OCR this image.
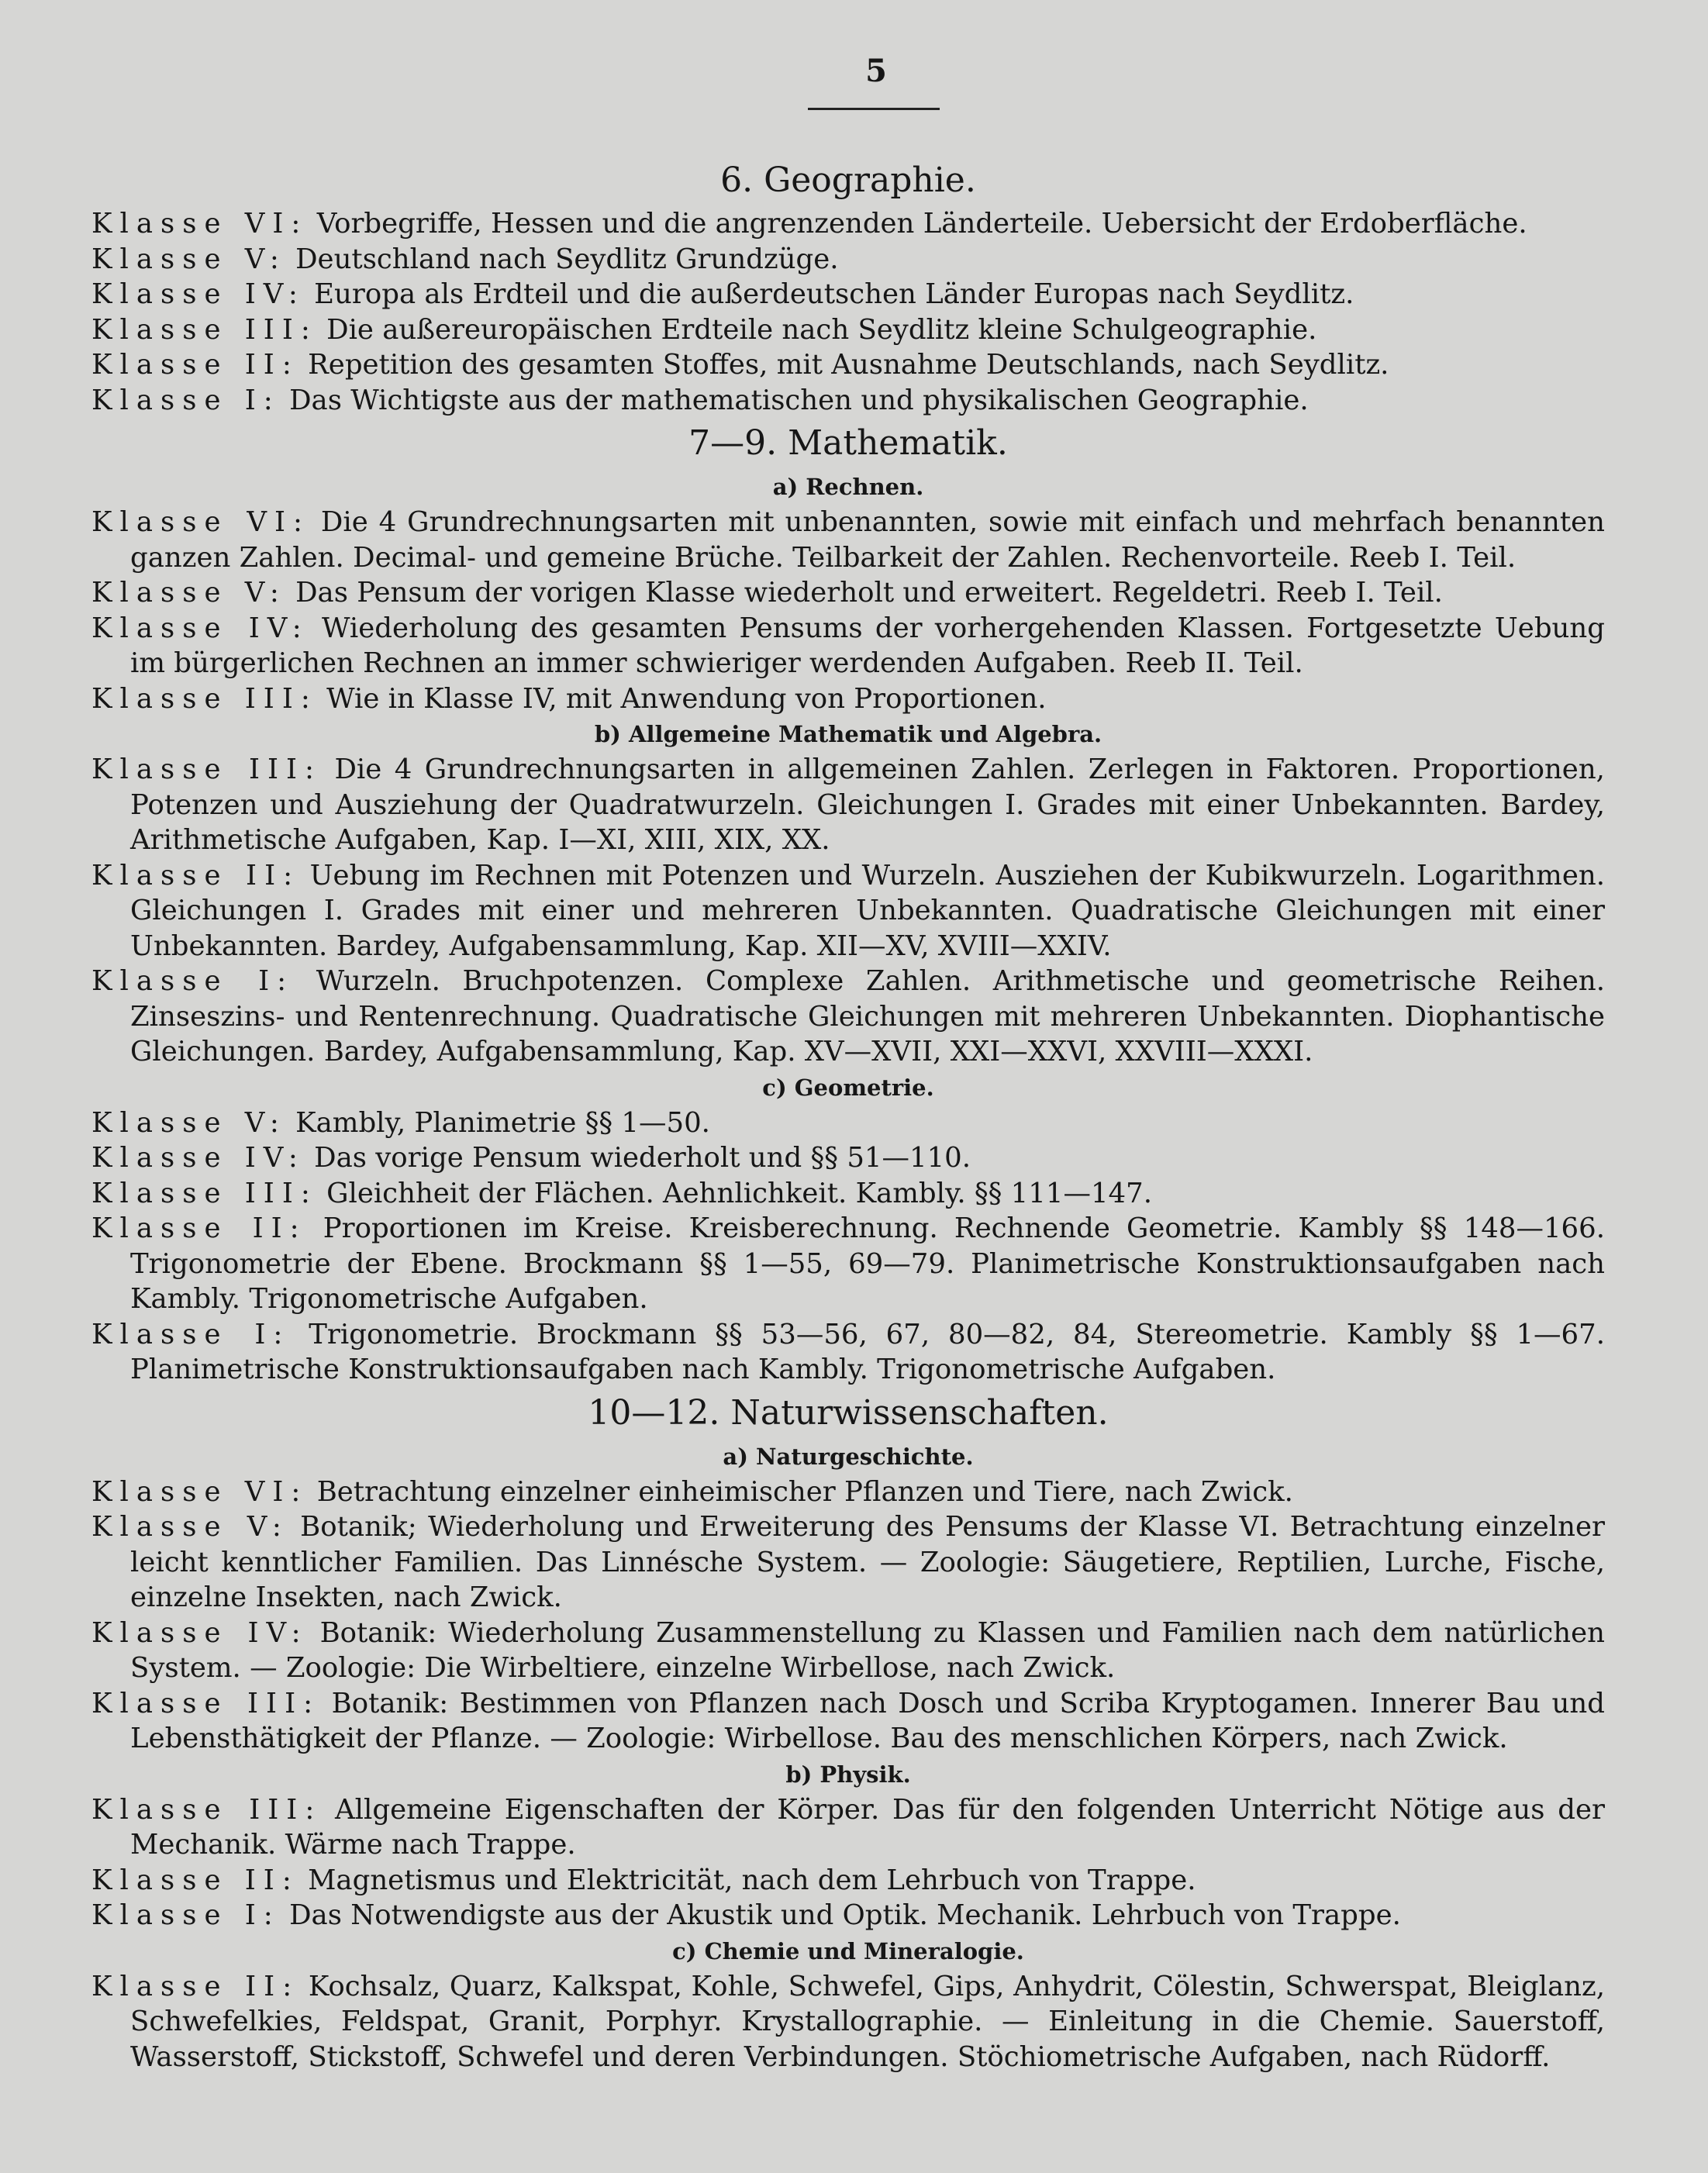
5
6. Geographie.
Klasse VI: Vorbegriffe, Hessen und die angrenzenden Länderteile. Uebersicht der Erdoberfläche.
Klasse V: Deutschland nach Seydlitz Grundzüge.
Klasse IV: Europa als Erdteil und die außerdeutschen Länder Europas nach Seydlitz.
Klasse III: Die außereuropäischen Erdteile nach Seydlitz kleine Schulgeographie.
Klasse II: Repetition des gesamten Stoffes, mit Ausnahme Deutschlands, nach Seydlitz.
Klasse I: Das Wichtigste aus der mathematischen und physikalischen Geographie.
7—9. Mathematik.
a) Rechnen.
Klasse VI: Die 4 Grundrechnungsarten mit unbenannten, sowie mit einfach und mehrfach benannten ganzen Zahlen. Decimal- und gemeine Brüche. Teilbarkeit der Zahlen. Rechenvorteile. Reeb I. Teil.
Klasse V: Das Pensum der vorigen Klasse wiederholt und erweitert. Regeldetri. Reeb I. Teil.
Klasse IV: Wiederholung des gesamten Pensums der vorhergehenden Klassen. Fortgesetzte Uebung im bürgerlichen Rechnen an immer schwieriger werdenden Aufgaben. Reeb II. Teil.
Klasse III: Wie in Klasse IV, mit Anwendung von Proportionen.
b) Allgemeine Mathematik und Algebra.
Klasse III: Die 4 Grundrechnungsarten in allgemeinen Zahlen. Zerlegen in Faktoren. Proportionen, Potenzen und Ausziehung der Quadratwurzeln. Gleichungen I. Grades mit einer Unbekannten. Bardey, Arithmetische Aufgaben, Kap. I—XI, XIII, XIX, XX.
Klasse II: Uebung im Rechnen mit Potenzen und Wurzeln. Ausziehen der Kubikwurzeln. Logarithmen. Gleichungen I. Grades mit einer und mehreren Unbekannten. Quadratische Gleichungen mit einer Unbekannten. Bardey, Aufgabensammlung, Kap. XII—XV, XVIII—XXIV.
Klasse I: Wurzeln. Bruchpotenzen. Complexe Zahlen. Arithmetische und geometrische Reihen. Zinseszins- und Rentenrechnung. Quadratische Gleichungen mit mehreren Unbekannten. Diophantische Gleichungen. Bardey, Aufgabensammlung, Kap. XV—XVII, XXI—XXVI, XXVIII—XXXI.
c) Geometrie.
Klasse V: Kambly, Planimetrie §§ 1—50.
Klasse IV: Das vorige Pensum wiederholt und §§ 51—110.
Klasse III: Gleichheit der Flächen. Aehnlichkeit. Kambly. §§ 111—147.
Klasse II: Proportionen im Kreise. Kreisberechnung. Rechnende Geometrie. Kambly §§ 148—166. Trigonometrie der Ebene. Brockmann §§ 1—55, 69—79. Planimetrische Konstruktionsaufgaben nach Kambly. Trigonometrische Aufgaben.
Klasse I: Trigonometrie. Brockmann §§ 53—56, 67, 80—82, 84, Stereometrie. Kambly §§ 1—67. Planimetrische Konstruktionsaufgaben nach Kambly. Trigonometrische Aufgaben.
10—12. Naturwissenschaften.
a) Naturgeschichte.
Klasse VI: Betrachtung einzelner einheimischer Pflanzen und Tiere, nach Zwick.
Klasse V: Botanik; Wiederholung und Erweiterung des Pensums der Klasse VI. Betrachtung einzelner leicht kenntlicher Familien. Das Linnésche System. — Zoologie: Säugetiere, Reptilien, Lurche, Fische, einzelne Insekten, nach Zwick.
Klasse IV: Botanik: Wiederholung Zusammenstellung zu Klassen und Familien nach dem natürlichen System. — Zoologie: Die Wirbeltiere, einzelne Wirbellose, nach Zwick.
Klasse III: Botanik: Bestimmen von Pflanzen nach Dosch und Scriba Kryptogamen. Innerer Bau und Lebensthätigkeit der Pflanze. — Zoologie: Wirbellose. Bau des menschlichen Körpers, nach Zwick.
b) Physik.
Klasse III: Allgemeine Eigenschaften der Körper. Das für den folgenden Unterricht Nötige aus der Mechanik. Wärme nach Trappe.
Klasse II: Magnetismus und Elektricität, nach dem Lehrbuch von Trappe.
Klasse I: Das Notwendigste aus der Akustik und Optik. Mechanik. Lehrbuch von Trappe.
c) Chemie und Mineralogie.
Klasse II: Kochsalz, Quarz, Kalkspat, Kohle, Schwefel, Gips, Anhydrit, Cölestin, Schwerspat, Bleiglanz, Schwefelkies, Feldspat, Granit, Porphyr. Krystallographie. — Einleitung in die Chemie. Sauerstoff, Wasserstoff, Stickstoff, Schwefel und deren Verbindungen. Stöchiometrische Aufgaben, nach Rüdorff.
